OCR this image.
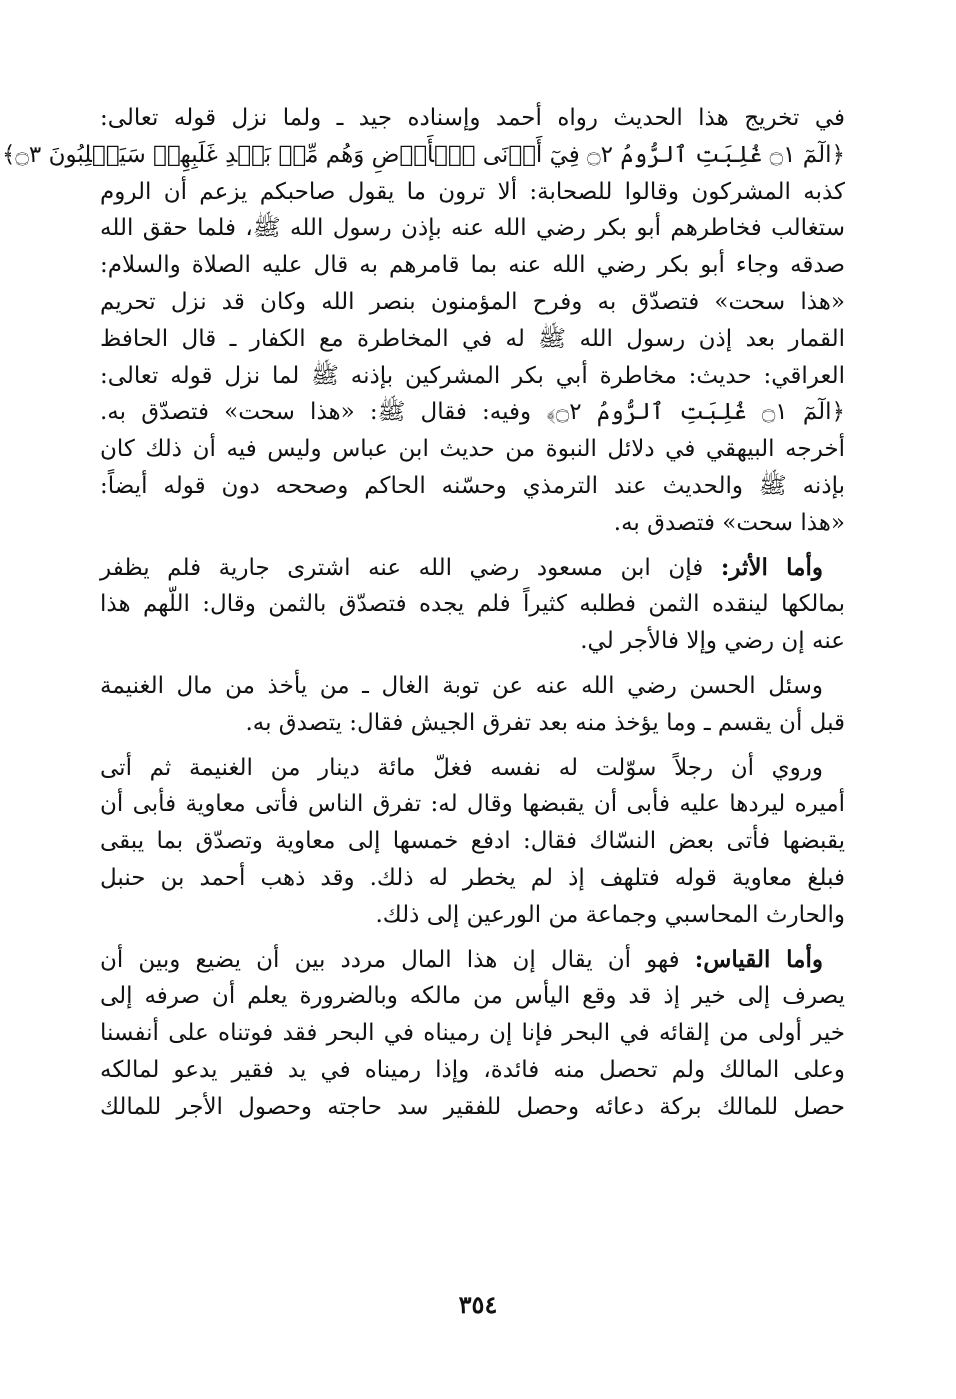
في تخريج هذا الحديث رواه أحمد وإسناده جيد ـ ولما نزل قوله تعالى:
﴿الٓمٓ ۝١ غُلِبَتِ ٱلرُّومُ ۝٢ فِيٓ أَدۡنَى ٱلۡأَرۡضِ وَهُم مِّنۢ بَعۡدِ غَلَبِهِمۡ سَيَغۡلِبُونَ ۝٣﴾
كذبه المشركون وقالوا للصحابة: ألا ترون ما يقول صاحبكم يزعم أن الروم
ستغالب فخاطرهم أبو بكر رضي الله عنه بإذن رسول الله ﷺ، فلما حقق الله
صدقه وجاء أبو بكر رضي الله عنه بما قامرهم به قال عليه الصلاة والسلام:
«هذا سحت» فتصدّق به وفرح المؤمنون بنصر الله وكان قد نزل تحريم
القمار بعد إذن رسول الله ﷺ له في المخاطرة مع الكفار ـ قال الحافظ
العراقي: حديث: مخاطرة أبي بكر المشركين بإذنه ﷺ لما نزل قوله تعالى:
﴿الٓمٓ ۝١ غُلِبَتِ ٱلرُّومُ ۝٢﴾ وفيه: فقال ﷺ: «هذا سحت» فتصدّق به.
أخرجه البيهقي في دلائل النبوة من حديث ابن عباس وليس فيه أن ذلك كان
بإذنه ﷺ والحديث عند الترمذي وحسّنه الحاكم وصححه دون قوله أيضاً:
«هذا سحت» فتصدق به.
وأما الأثر: فإن ابن مسعود رضي الله عنه اشترى جارية فلم يظفر
بمالكها لينقده الثمن فطلبه كثيراً فلم يجده فتصدّق بالثمن وقال: اللّهم هذا
عنه إن رضي وإلا فالأجر لي.
وسئل الحسن رضي الله عنه عن توبة الغال ـ من يأخذ من مال الغنيمة
قبل أن يقسم ـ وما يؤخذ منه بعد تفرق الجيش فقال: يتصدق به.
وروي أن رجلاً سوّلت له نفسه فغلّ مائة دينار من الغنيمة ثم أتى
أميره ليردها عليه فأبى أن يقبضها وقال له: تفرق الناس فأتى معاوية فأبى أن
يقبضها فأتى بعض النسّاك فقال: ادفع خمسها إلى معاوية وتصدّق بما يبقى
فبلغ معاوية قوله فتلهف إذ لم يخطر له ذلك. وقد ذهب أحمد بن حنبل
والحارث المحاسبي وجماعة من الورعين إلى ذلك.
وأما القياس: فهو أن يقال إن هذا المال مردد بين أن يضيع وبين أن
يصرف إلى خير إذ قد وقع اليأس من مالكه وبالضرورة يعلم أن صرفه إلى
خير أولى من إلقائه في البحر فإنا إن رميناه في البحر فقد فوتناه على أنفسنا
وعلى المالك ولم تحصل منه فائدة، وإذا رميناه في يد فقير يدعو لمالكه
حصل للمالك بركة دعائه وحصل للفقير سد حاجته وحصول الأجر للمالك
٣٥٤
